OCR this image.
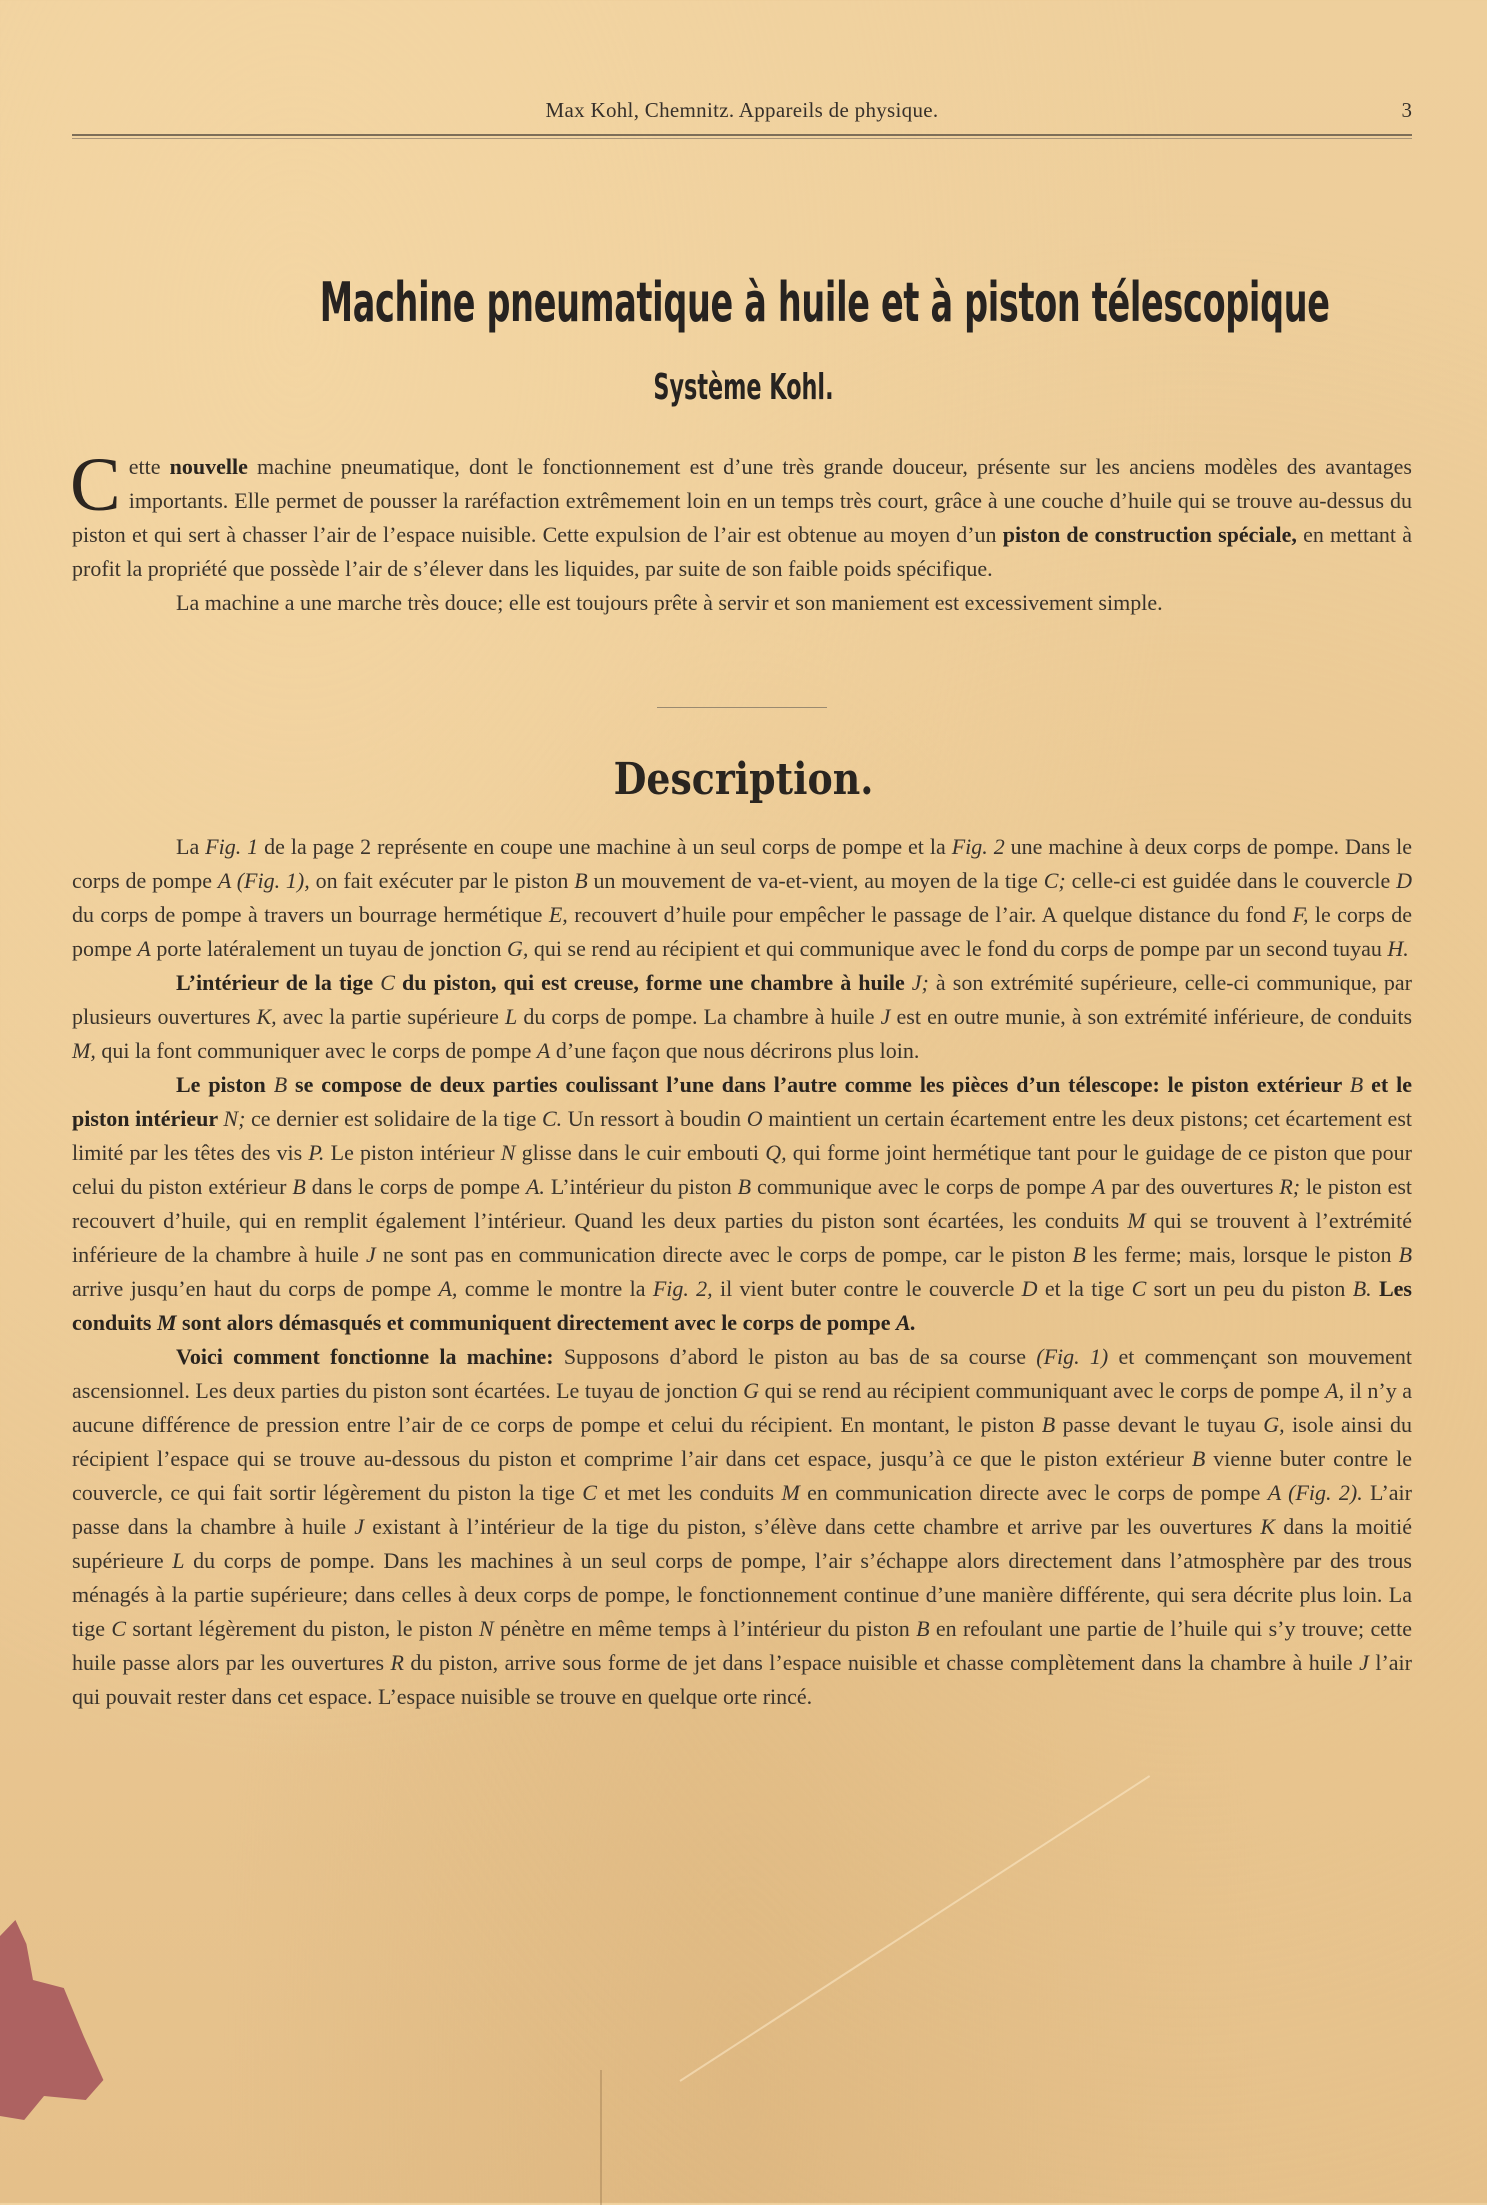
Max Kohl, Chemnitz. Appareils de physique.	3
Machine pneumatique à huile et à piston télescopique
Système Kohl.

Cette nouvelle machine pneumatique, dont le fonctionnement est d’une très grande douceur, présente sur les anciens modèles des avantages importants. Elle permet de pousser la raréfaction extrêmement loin en un temps très court, grâce à une couche d’huile qui se trouve au-dessus du piston et qui sert à chasser l’air de l’espace nuisible. Cette expulsion de l’air est obtenue au moyen d’un piston de construction spéciale, en mettant à profit la propriété que possède l’air de s’élever dans les liquides, par suite de son faible poids spécifique.

La machine a une marche très douce; elle est toujours prête à servir et son maniement est excessivement simple.

Description.

La Fig. 1 de la page 2 représente en coupe une machine à un seul corps de pompe et la Fig. 2 une machine à deux corps de pompe. Dans le corps de pompe A (Fig. 1), on fait exécuter par le piston B un mouvement de va-et-vient, au moyen de la tige C; celle-ci est guidée dans le couvercle D du corps de pompe à travers un bourrage hermétique E, recouvert d’huile pour empêcher le passage de l’air. A quelque distance du fond F, le corps de pompe A porte latéralement un tuyau de jonction G, qui se rend au récipient et qui communique avec le fond du corps de pompe par un second tuyau H.

L’intérieur de la tige C du piston, qui est creuse, forme une chambre à huile J; à son extrémité supérieure, celle-ci communique, par plusieurs ouvertures K, avec la partie supérieure L du corps de pompe. La chambre à huile J est en outre munie, à son extrémité inférieure, de conduits M, qui la font communiquer avec le corps de pompe A d’une façon que nous décrirons plus loin.

Le piston B se compose de deux parties coulissant l’une dans l’autre comme les pièces d’un télescope: le piston extérieur B et le piston intérieur N; ce dernier est solidaire de la tige C. Un ressort à boudin O maintient un certain écartement entre les deux pistons; cet écartement est limité par les têtes des vis P. Le piston intérieur N glisse dans le cuir embouti Q, qui forme joint hermétique tant pour le guidage de ce piston que pour celui du piston extérieur B dans le corps de pompe A. L’intérieur du piston B communique avec le corps de pompe A par des ouvertures R; le piston est recouvert d’huile, qui en remplit également l’intérieur. Quand les deux parties du piston sont écartées, les conduits M qui se trouvent à l’extrémité inférieure de la chambre à huile J ne sont pas en communication directe avec le corps de pompe, car le piston B les ferme; mais, lorsque le piston B arrive jusqu’en haut du corps de pompe A, comme le montre la Fig. 2, il vient buter contre le couvercle D et la tige C sort un peu du piston B. Les conduits M sont alors démasqués et communiquent directement avec le corps de pompe A.

Voici comment fonctionne la machine: Supposons d’abord le piston au bas de sa course (Fig. 1) et commençant son mouvement ascensionnel. Les deux parties du piston sont écartées. Le tuyau de jonction G qui se rend au récipient communiquant avec le corps de pompe A, il n’y a aucune différence de pression entre l’air de ce corps de pompe et celui du récipient. En montant, le piston B passe devant le tuyau G, isole ainsi du récipient l’espace qui se trouve au-dessous du piston et comprime l’air dans cet espace, jusqu’à ce que le piston extérieur B vienne buter contre le couvercle, ce qui fait sortir légèrement du piston la tige C et met les conduits M en communication directe avec le corps de pompe A (Fig. 2). L’air passe dans la chambre à huile J existant à l’intérieur de la tige du piston, s’élève dans cette chambre et arrive par les ouvertures K dans la moitié supérieure L du corps de pompe. Dans les machines à un seul corps de pompe, l’air s’échappe alors directement dans l’atmosphère par des trous ménagés à la partie supérieure; dans celles à deux corps de pompe, le fonctionnement continue d’une manière différente, qui sera décrite plus loin. La tige C sortant légèrement du piston, le piston N pénètre en même temps à l’intérieur du piston B en refoulant une partie de l’huile qui s’y trouve; cette huile passe alors par les ouvertures R du piston, arrive sous forme de jet dans l’espace nuisible et chasse complètement dans la chambre à huile J l’air qui pouvait rester dans cet espace. L’espace nuisible se trouve en quelque orte rincé.
